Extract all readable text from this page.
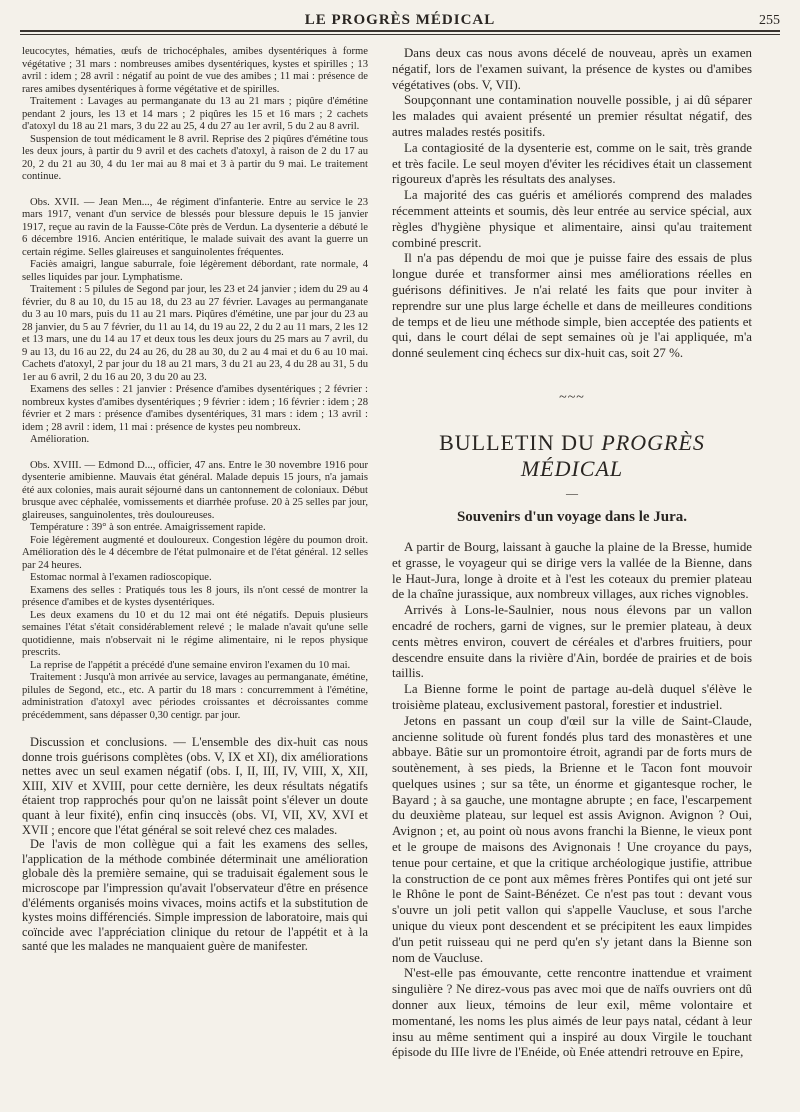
LE PROGRÈS MÉDICAL	255

leucocytes, hématies, œufs de trichocéphales, amibes dysentériques à forme végétative ; 31 mars : nombreuses amibes dysentériques, kystes et spirilles ; 13 avril : idem ; 28 avril : négatif au point de vue des amibes ; 11 mai : présence de rares amibes dysentériques à forme végétative et de spirilles.

Traitement : Lavages au permanganate du 13 au 21 mars ; piqûre d'émétine pendant 2 jours, les 13 et 14 mars ; 2 piqûres les 15 et 16 mars ; 2 cachets d'atoxyl du 18 au 21 mars, 3 du 22 au 25, 4 du 27 au 1er avril, 5 du 2 au 8 avril.

Suspension de tout médicament le 8 avril. Reprise des 2 piqûres d'émétine tous les deux jours, à partir du 9 avril et des cachets d'atoxyl, à raison de 2 du 17 au 20, 2 du 21 au 30, 4 du 1er mai au 8 mai et 3 à partir du 9 mai. Le traitement continue.

Obs. XVII. — Jean Men..., 4e régiment d'infanterie. Entre au service le 23 mars 1917, venant d'un service de blessés pour blessure depuis le 15 janvier 1917, reçue au ravin de la Fausse-Côte près de Verdun. La dysenterie a débuté le 6 décembre 1916. Ancien entéritique, le malade suivait des avant la guerre un certain régime. Selles glaireuses et sanguinolentes fréquentes.

Faciès amaigri, langue saburrale, foie légèrement débordant, rate normale, 4 selles liquides par jour. Lymphatisme.

Traitement : 5 pilules de Segond par jour, les 23 et 24 janvier ; idem du 29 au 4 février, du 8 au 10, du 15 au 18, du 23 au 27 février. Lavages au permanganate du 3 au 10 mars, puis du 11 au 21 mars. Piqûres d'émétine, une par jour du 23 au 28 janvier, du 5 au 7 février, du 11 au 14, du 19 au 22, 2 du 2 au 11 mars, 2 les 12 et 13 mars, une du 14 au 17 et deux tous les deux jours du 25 mars au 7 avril, du 9 au 13, du 16 au 22, du 24 au 26, du 28 au 30, du 2 au 4 mai et du 6 au 10 mai. Cachets d'atoxyl, 2 par jour du 18 au 21 mars, 3 du 21 au 23, 4 du 28 au 31, 5 du 1er au 6 avril, 2 du 16 au 20, 3 du 20 au 23.

Examens des selles : 21 janvier : Présence d'amibes dysentériques ; 2 février : nombreux kystes d'amibes dysentériques ; 9 février : idem ; 16 février : idem ; 28 février et 2 mars : présence d'amibes dysentériques, 31 mars : idem ; 13 avril : idem ; 28 avril : idem, 11 mai : présence de kystes peu nombreux.

Amélioration.

Obs. XVIII. — Edmond D..., officier, 47 ans. Entre le 30 novembre 1916 pour dysenterie amibienne. Mauvais état général. Malade depuis 15 jours, n'a jamais été aux colonies, mais aurait séjourné dans un cantonnement de coloniaux. Début brusque avec céphalée, vomissements et diarrhée profuse. 20 à 25 selles par jour, glaireuses, sanguinolentes, très douloureuses.

Température : 39° à son entrée. Amaigrissement rapide.

Foie légèrement augmenté et douloureux. Congestion légère du poumon droit. Amélioration dès le 4 décembre de l'état pulmonaire et de l'état général. 12 selles par 24 heures.

Estomac normal à l'examen radioscopique.

Examens des selles : Pratiqués tous les 8 jours, ils n'ont cessé de montrer la présence d'amibes et de kystes dysentériques.

Les deux examens du 10 et du 12 mai ont été négatifs. Depuis plusieurs semaines l'état s'était considérablement relevé ; le malade n'avait qu'une selle quotidienne, mais n'observait ni le régime alimentaire, ni le repos physique prescrits.

La reprise de l'appétit a précédé d'une semaine environ l'examen du 10 mai.

Traitement : Jusqu'à mon arrivée au service, lavages au permanganate, émétine, pilules de Segond, etc., etc. A partir du 18 mars : concurremment à l'émétine, administration d'atoxyl avec périodes croissantes et décroissantes comme précédemment, sans dépasser 0,30 centigr. par jour.

Discussion et conclusions. — L'ensemble des dix-huit cas nous donne trois guérisons complètes (obs. V, IX et XI), dix améliorations nettes avec un seul examen négatif (obs. I, II, III, IV, VIII, X, XII, XIII, XIV et XVIII, pour cette dernière, les deux résultats négatifs étaient trop rapprochés pour qu'on ne laissât point s'élever un doute quant à leur fixité), enfin cinq insuccès (obs. VI, VII, XV, XVI et XVII ; encore que l'état général se soit relevé chez ces malades.

De l'avis de mon collègue qui a fait les examens des selles, l'application de la méthode combinée déterminait une amélioration globale dès la première semaine, qui se traduisait également sous le microscope par l'impression qu'avait l'observateur d'être en présence d'éléments organisés moins vivaces, moins actifs et la substitution de kystes moins différenciés. Simple impression de laboratoire, mais qui coïncide avec l'appréciation clinique du retour de l'appétit et à la santé que les malades ne manquaient guère de manifester.

Dans deux cas nous avons décelé de nouveau, après un examen négatif, lors de l'examen suivant, la présence de kystes ou d'amibes végétatives (obs. V, VII).

Soupçonnant une contamination nouvelle possible, j ai dû séparer les malades qui avaient présenté un premier résultat négatif, des autres malades restés positifs.

La contagiosité de la dysenterie est, comme on le sait, très grande et très facile. Le seul moyen d'éviter les récidives était un classement rigoureux d'après les résultats des analyses.

La majorité des cas guéris et améliorés comprend des malades récemment atteints et soumis, dès leur entrée au service spécial, aux règles d'hygiène physique et alimentaire, ainsi qu'au traitement combiné prescrit.

Il n'a pas dépendu de moi que je puisse faire des essais de plus longue durée et transformer ainsi mes améliorations réelles en guérisons définitives. Je n'ai relaté les faits que pour inviter à reprendre sur une plus large échelle et dans de meilleures conditions de temps et de lieu une méthode simple, bien acceptée des patients et qui, dans le court délai de sept semaines où je l'ai appliquée, m'a donné seulement cinq échecs sur dix-huit cas, soit 27 %.

~~~
BULLETIN DU PROGRÈS MÉDICAL
—
Souvenirs d'un voyage dans le Jura.

A partir de Bourg, laissant à gauche la plaine de la Bresse, humide et grasse, le voyageur qui se dirige vers la vallée de la Bienne, dans le Haut-Jura, longe à droite et à l'est les coteaux du premier plateau de la chaîne jurassique, aux nombreux villages, aux riches vignobles.

Arrivés à Lons-le-Saulnier, nous nous élevons par un vallon encadré de rochers, garni de vignes, sur le premier plateau, à deux cents mètres environ, couvert de céréales et d'arbres fruitiers, pour descendre ensuite dans la rivière d'Ain, bordée de prairies et de bois taillis.

La Bienne forme le point de partage au-delà duquel s'élève le troisième plateau, exclusivement pastoral, forestier et industriel.

Jetons en passant un coup d'œil sur la ville de Saint-Claude, ancienne solitude où furent fondés plus tard des monastères et une abbaye. Bâtie sur un promontoire étroit, agrandi par de forts murs de soutènement, à ses pieds, la Brienne et le Tacon font mouvoir quelques usines ; sur sa tête, un énorme et gigantesque rocher, le Bayard ; à sa gauche, une montagne abrupte ; en face, l'escarpement du deuxième plateau, sur lequel est assis Avignon. Avignon ? Oui, Avignon ; et, au point où nous avons franchi la Bienne, le vieux pont et le groupe de maisons des Avignonais ! Une croyance du pays, tenue pour certaine, et que la critique archéologique justifie, attribue la construction de ce pont aux mêmes frères Pontifes qui ont jeté sur le Rhône le pont de Saint-Bénézet. Ce n'est pas tout : devant vous s'ouvre un joli petit vallon qui s'appelle Vaucluse, et sous l'arche unique du vieux pont descendent et se précipitent les eaux limpides d'un petit ruisseau qui ne perd qu'en s'y jetant dans la Bienne son nom de Vaucluse.

N'est-elle pas émouvante, cette rencontre inattendue et vraiment singulière ? Ne direz-vous pas avec moi que de naïfs ouvriers ont dû donner aux lieux, témoins de leur exil, même volontaire et momentané, les noms les plus aimés de leur pays natal, cédant à leur insu au même sentiment qui a inspiré au doux Virgile le touchant épisode du IIIe livre de l'Enéide, où Enée attendri retrouve en Epire,
